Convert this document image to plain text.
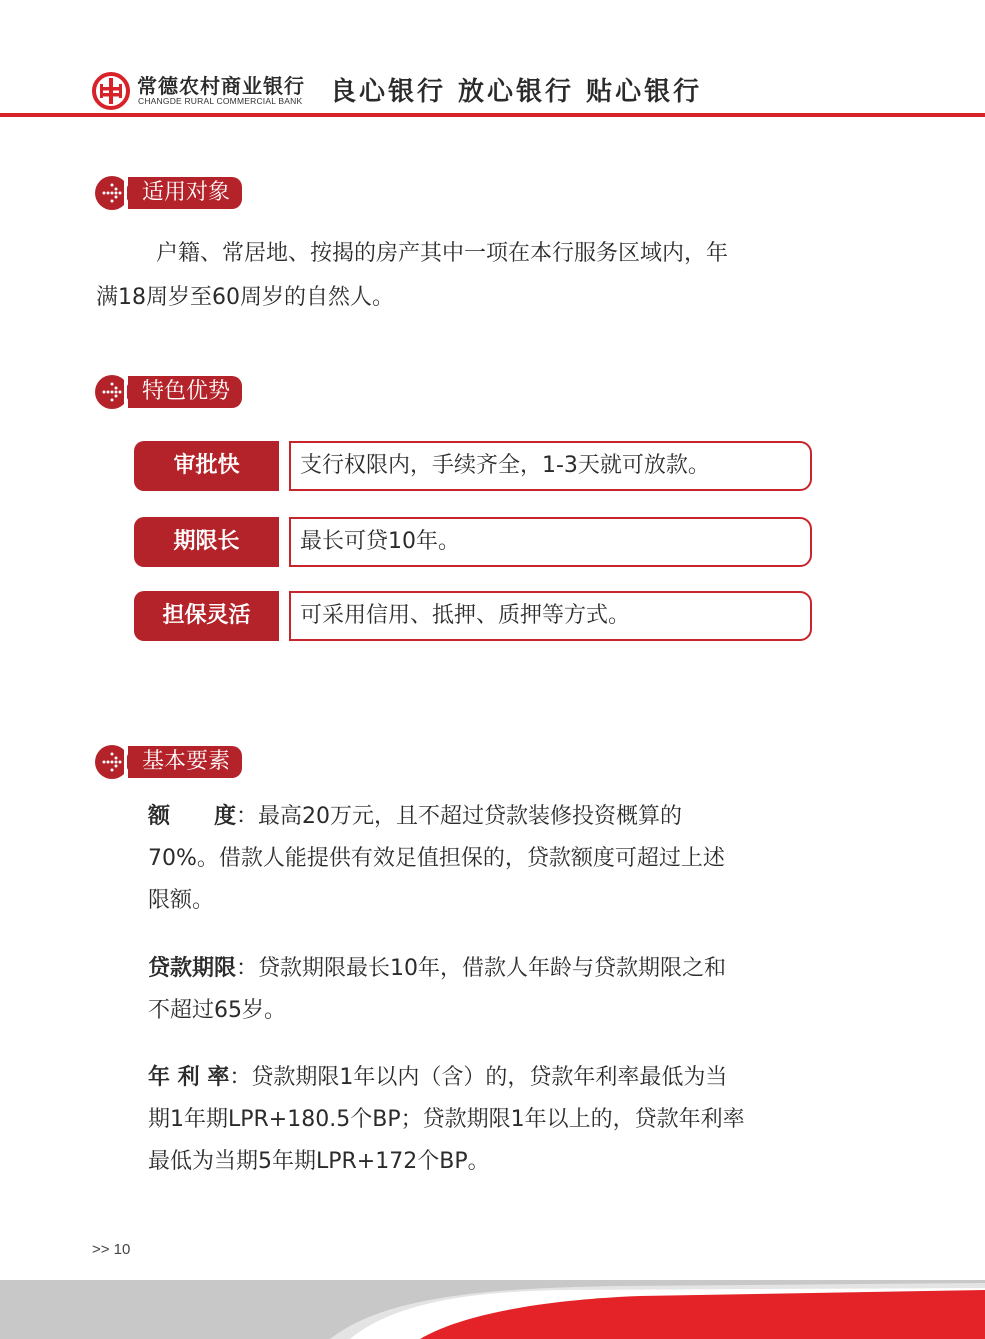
常德农村商业银行
CHANGDE RURAL COMMERCIAL BANK 良心银行 放心银行 贴心银行
适用对象
户籍、常居地、按揭的房产其中一项在本行服务区域内，年
满18周岁至60周岁的自然人。
特色优势
审批快	支行权限内，手续齐全，1-3天就可放款。
期限长	最长可贷10年。
担保灵活	可采用信用、抵押、质押等方式。
基本要素
额　　度：最高20万元，且不超过贷款装修投资概算的
70%。借款人能提供有效足值担保的，贷款额度可超过上述
限额。
贷款期限：贷款期限最长10年，借款人年龄与贷款期限之和
不超过65岁。
年 利 率：贷款期限1年以内（含）的，贷款年利率最低为当
期1年期LPR+180.5个BP；贷款期限1年以上的，贷款年利率
最低为当期5年期LPR+172个BP。
>> 10
